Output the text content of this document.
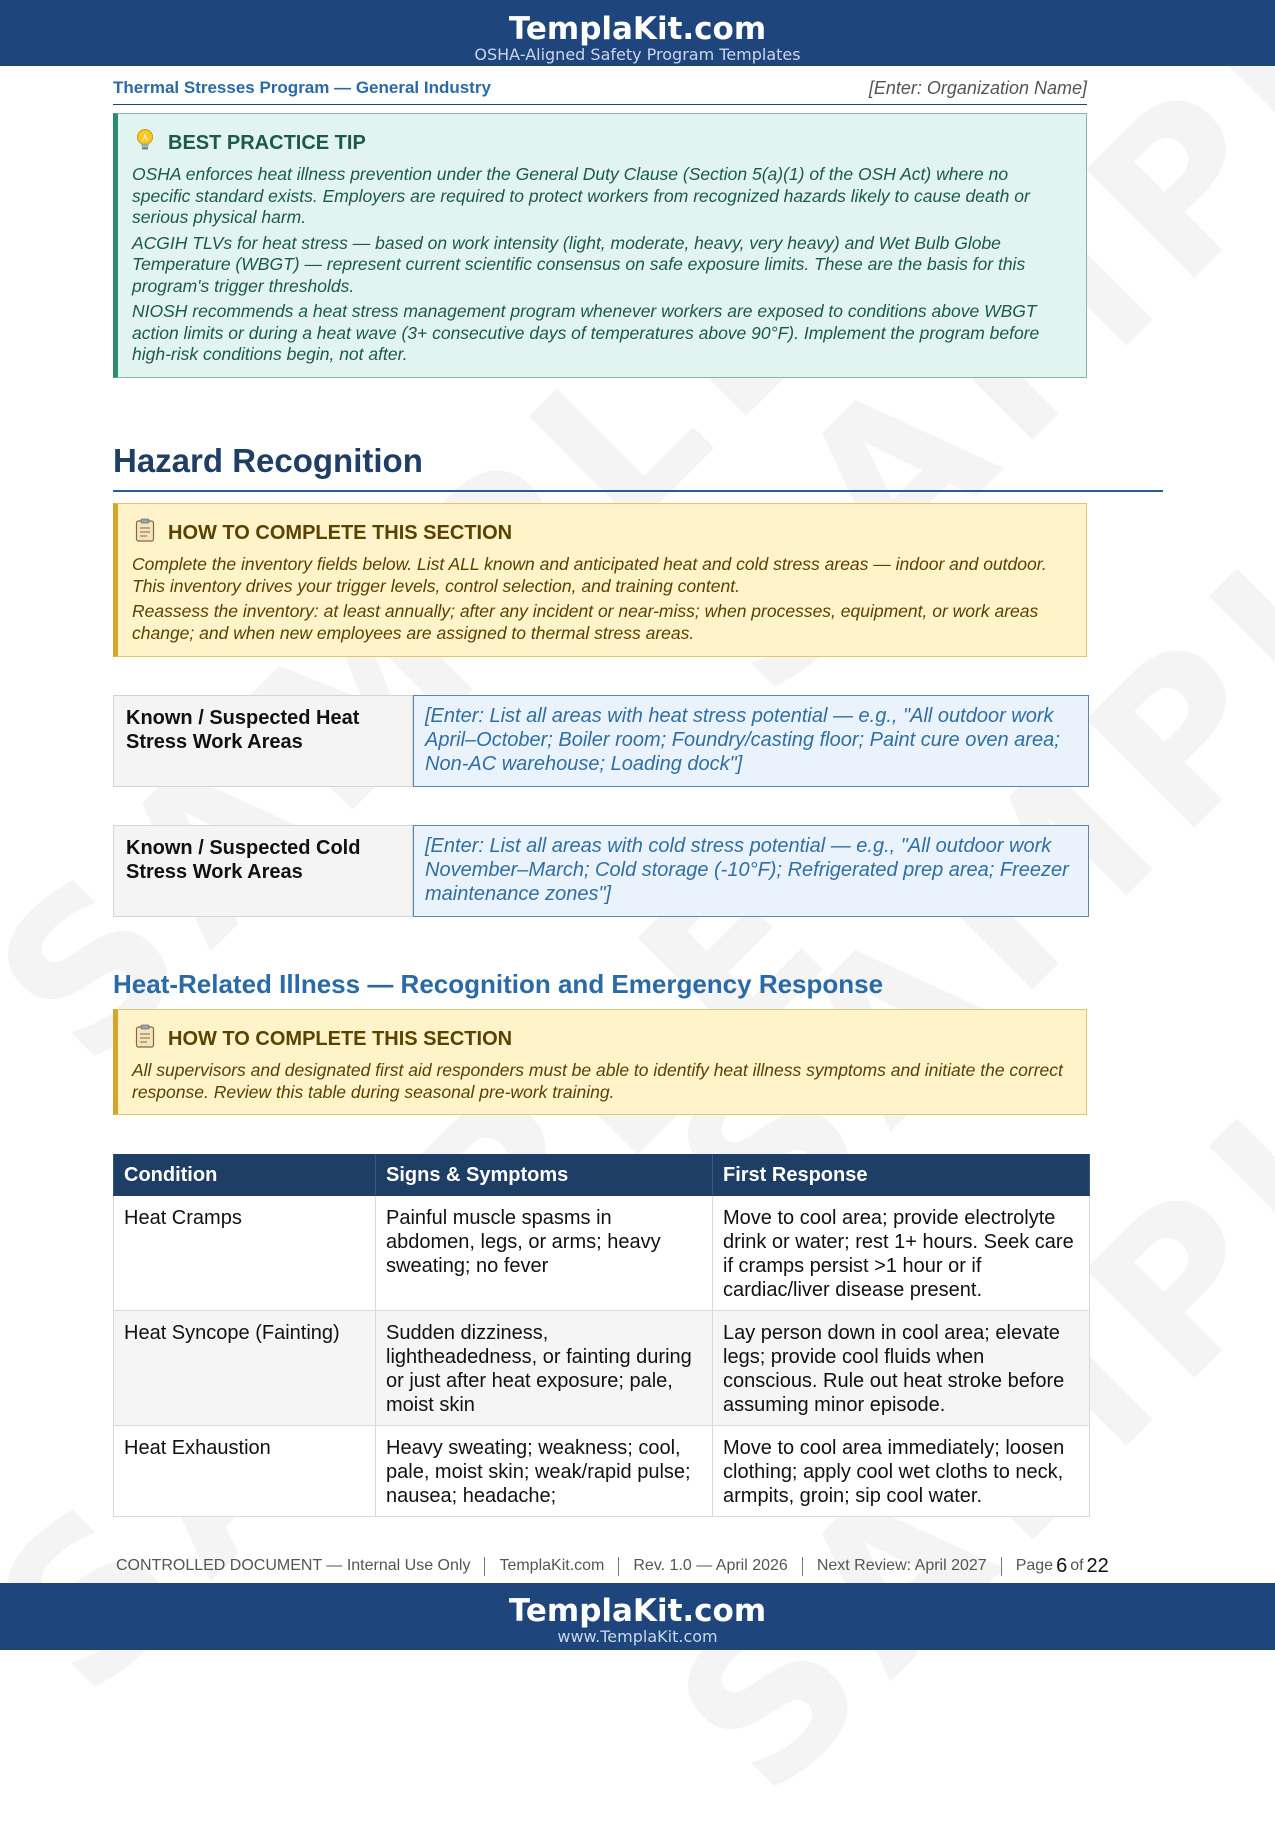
TemplaKit.com
OSHA-Aligned Safety Program Templates
Thermal Stresses Program — General Industry	[Enter: Organization Name]
BEST PRACTICE TIP

OSHA enforces heat illness prevention under the General Duty Clause (Section 5(a)(1) of the OSH Act) where no specific standard exists. Employers are required to protect workers from recognized hazards likely to cause death or serious physical harm.

ACGIH TLVs for heat stress — based on work intensity (light, moderate, heavy, very heavy) and Wet Bulb Globe Temperature (WBGT) — represent current scientific consensus on safe exposure limits. These are the basis for this program's trigger thresholds.

NIOSH recommends a heat stress management program whenever workers are exposed to conditions above WBGT action limits or during a heat wave (3+ consecutive days of temperatures above 90°F). Implement the program before high-risk conditions begin, not after.

Hazard Recognition
HOW TO COMPLETE THIS SECTION

Complete the inventory fields below. List ALL known and anticipated heat and cold stress areas — indoor and outdoor. This inventory drives your trigger levels, control selection, and training content.

Reassess the inventory: at least annually; after any incident or near-miss; when processes, equipment, or work areas change; and when new employees are assigned to thermal stress areas.

Known / Suspected Heat Stress Work Areas
[Enter: List all areas with heat stress potential — e.g., "All outdoor work April–October; Boiler room; Foundry/casting floor; Paint cure oven area; Non-AC warehouse; Loading dock"]
Known / Suspected Cold Stress Work Areas
[Enter: List all areas with cold stress potential — e.g., "All outdoor work November–March; Cold storage (-10°F); Refrigerated prep area; Freezer maintenance zones"]
Heat-Related Illness — Recognition and Emergency Response
HOW TO COMPLETE THIS SECTION

All supervisors and designated first aid responders must be able to identify heat illness symptoms and initiate the correct response. Review this table during seasonal pre-work training.

Condition	Signs & Symptoms	First Response
Heat Cramps	Painful muscle spasms in abdomen, legs, or arms; heavy sweating; no fever	Move to cool area; provide electrolyte drink or water; rest 1+ hours. Seek care if cramps persist >1 hour or if cardiac/liver disease present.
Heat Syncope (Fainting)	Sudden dizziness, lightheadedness, or fainting during or just after heat exposure; pale, moist skin	Lay person down in cool area; elevate legs; provide cool fluids when conscious. Rule out heat stroke before assuming minor episode.
Heat Exhaustion	Heavy sweating; weakness; cool, pale, moist skin; weak/rapid pulse; nausea; headache;	Move to cool area immediately; loosen clothing; apply cool wet cloths to neck, armpits, groin; sip cool water.
CONTROLLED DOCUMENT — Internal Use Only TemplaKit.com Rev. 1.0 — April 2026 Next Review: April 2027 Page 6 of 22
TemplaKit.com
www.TemplaKit.com
